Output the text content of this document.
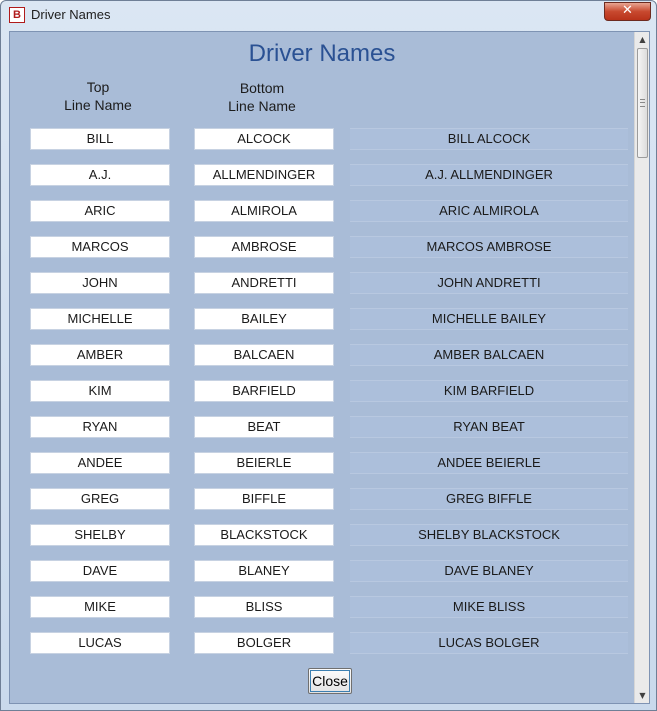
B Driver Names	✕
Driver Names
Top
Line Name
Bottom
Line Name
BILL	ALCOCK	BILL ALCOCK
A.J.	ALLMENDINGER	A.J. ALLMENDINGER
ARIC	ALMIROLA	ARIC ALMIROLA
MARCOS	AMBROSE	MARCOS AMBROSE
JOHN	ANDRETTI	JOHN ANDRETTI
MICHELLE	BAILEY	MICHELLE BAILEY
AMBER	BALCAEN	AMBER BALCAEN
KIM	BARFIELD	KIM BARFIELD
RYAN	BEAT	RYAN BEAT
ANDEE	BEIERLE	ANDEE BEIERLE
GREG	BIFFLE	GREG BIFFLE
SHELBY	BLACKSTOCK	SHELBY BLACKSTOCK
DAVE	BLANEY	DAVE BLANEY
MIKE	BLISS	MIKE BLISS
LUCAS	BOLGER	LUCAS BOLGER
Close
▲
▼
